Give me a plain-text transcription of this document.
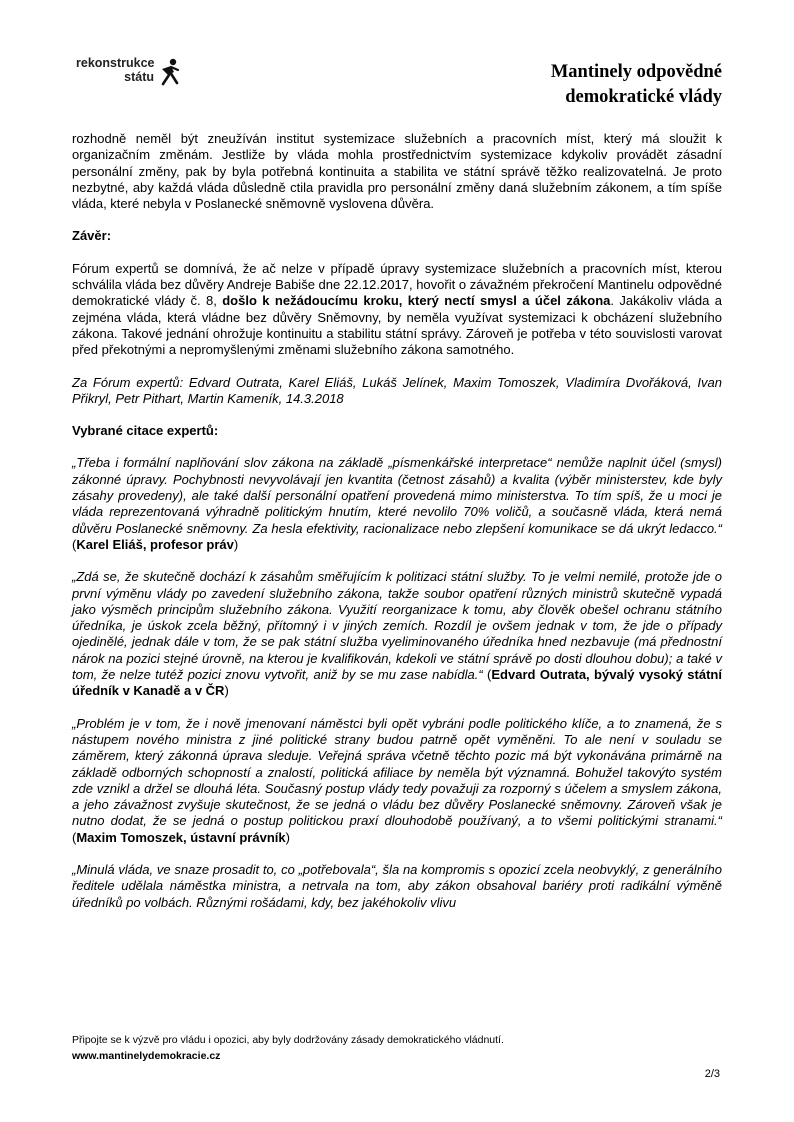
rekonstrukce
státu	Mantinely odpovědné
demokratické vlády

rozhodně neměl být zneužíván institut systemizace služebních a pracovních míst, který má sloužit k organizačním změnám. Jestliže by vláda mohla prostřednictvím systemizace kdykoliv provádět zásadní personální změny, pak by byla potřebná kontinuita a stabilita ve státní správě těžko realizovatelná. Je proto nezbytné, aby každá vláda důsledně ctila pravidla pro personální změny daná služebním zákonem, a tím spíše vláda, které nebyla v Poslanecké sněmovně vyslovena důvěra.

Závěr:

Fórum expertů se domnívá, že ač nelze v případě úpravy systemizace služebních a pracovních míst, kterou schválila vláda bez důvěry Andreje Babiše dne 22.12.2017, hovořit o závažném překročení Mantinelu odpovědné demokratické vlády č. 8, došlo k nežádoucímu kroku, který nectí smysl a účel zákona. Jakákoliv vláda a zejména vláda, která vládne bez důvěry Sněmovny, by neměla využívat systemizaci k obcházení služebního zákona. Takové jednání ohrožuje kontinuitu a stabilitu státní správy. Zároveň je potřeba v této souvislosti varovat před překotnými a nepromyšlenými změnami služebního zákona samotného.

Za Fórum expertů: Edvard Outrata, Karel Eliáš, Lukáš Jelínek, Maxim Tomoszek, Vladimíra Dvořáková, Ivan Přikryl, Petr Pithart, Martin Kameník, 14.3.2018

Vybrané citace expertů:

„Třeba i formální naplňování slov zákona na základě „písmenkářské interpretace“ nemůže naplnit účel (smysl) zákonné úpravy. Pochybnosti nevyvolávají jen kvantita (četnost zásahů) a kvalita (výběr ministerstev, kde byly zásahy provedeny), ale také další personální opatření provedená mimo ministerstva. To tím spíš, že u moci je vláda reprezentovaná výhradně politickým hnutím, které nevolilo 70% voličů, a současně vláda, která nemá důvěru Poslanecké sněmovny. Za hesla efektivity, racionalizace nebo zlepšení komunikace se dá ukrýt ledacco.“ (Karel Eliáš, profesor práv)

„Zdá se, že skutečně dochází k zásahům směřujícím k politizaci státní služby. To je velmi nemilé, protože jde o první výměnu vlády po zavedení služebního zákona, takže soubor opatření různých ministrů skutečně vypadá jako výsměch principům služebního zákona. Využití reorganizace k tomu, aby člověk obešel ochranu státního úředníka, je úskok zcela běžný, přítomný i v jiných zemích. Rozdíl je ovšem jednak v tom, že jde o případy ojedinělé, jednak dále v tom, že se pak státní služba vyeliminovaného úředníka hned nezbavuje (má přednostní nárok na pozici stejné úrovně, na kterou je kvalifikován, kdekoli ve státní správě po dosti dlouhou dobu); a také v tom, že nelze tutéž pozici znovu vytvořit, aniž by se mu zase nabídla.“ (Edvard Outrata, bývalý vysoký státní úředník v Kanadě a v ČR)

„Problém je v tom, že i nově jmenovaní náměstci byli opět vybráni podle politického klíče, a to znamená, že s nástupem nového ministra z jiné politické strany budou patrně opět vyměněni. To ale není v souladu se záměrem, který zákonná úprava sleduje. Veřejná správa včetně těchto pozic má být vykonávána primárně na základě odborných schopností a znalostí, politická afiliace by neměla být významná. Bohužel takovýto systém zde vznikl a držel se dlouhá léta. Současný postup vlády tedy považuji za rozporný s účelem a smyslem zákona, a jeho závažnost zvyšuje skutečnost, že se jedná o vládu bez důvěry Poslanecké sněmovny. Zároveň však je nutno dodat, že se jedná o postup politickou praxí dlouhodobě používaný, a to všemi politickými stranami.“ (Maxim Tomoszek, ústavní právník)

„Minulá vláda, ve snaze prosadit to, co „potřebovala“, šla na kompromis s opozicí zcela neobvyklý, z generálního ředitele udělala náměstka ministra, a netrvala na tom, aby zákon obsahoval bariéry proti radikální výměně úředníků po volbách. Různými rošádami, kdy, bez jakéhokoliv vlivu

Připojte se k výzvě pro vládu i opozici, aby byly dodržovány zásady demokratického vládnutí.
www.mantinelydemokracie.cz
2/3
